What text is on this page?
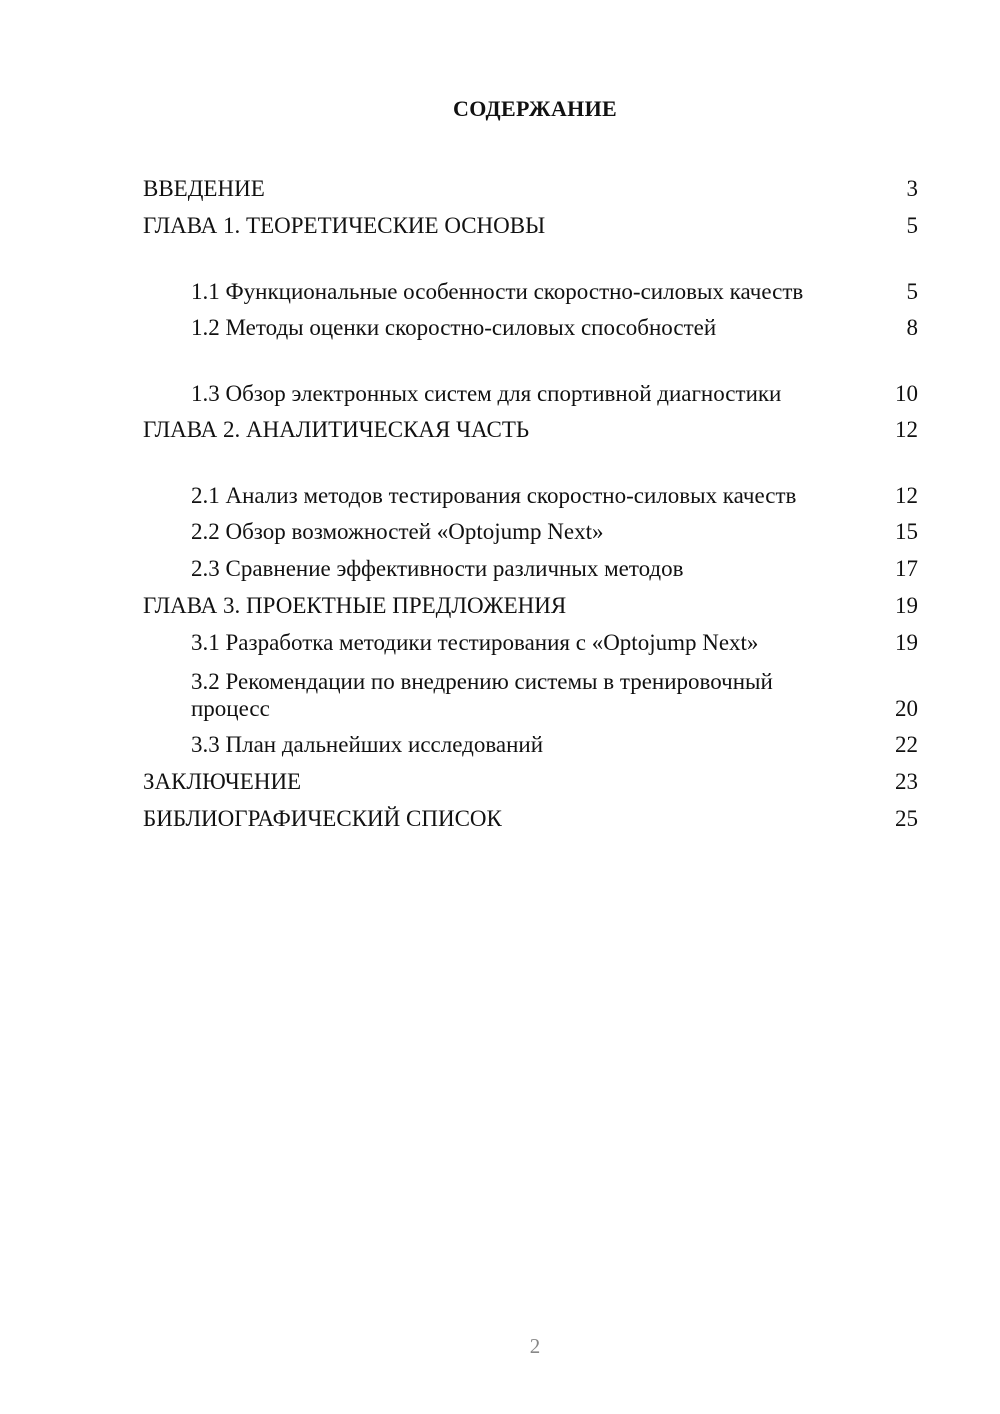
СОДЕРЖАНИЕ
ВВЕДЕНИЕ	3
ГЛАВА 1. ТЕОРЕТИЧЕСКИЕ ОСНОВЫ	5
1.1 Функциональные особенности скоростно-силовых качеств	5
1.2 Методы оценки скоростно-силовых способностей	8
1.3 Обзор электронных систем для спортивной диагностики	10
ГЛАВА 2. АНАЛИТИЧЕСКАЯ ЧАСТЬ	12
2.1 Анализ методов тестирования скоростно-силовых качеств	12
2.2 Обзор возможностей «Optojump Next»	15
2.3 Сравнение эффективности различных методов	17
ГЛАВА 3. ПРОЕКТНЫЕ ПРЕДЛОЖЕНИЯ	19
3.1 Разработка методики тестирования с «Optojump Next»	19
3.2 Рекомендации по внедрению системы в тренировочный процесс	20
3.3 План дальнейших исследований	22
ЗАКЛЮЧЕНИЕ	23
БИБЛИОГРАФИЧЕСКИЙ СПИСОК	25
2
